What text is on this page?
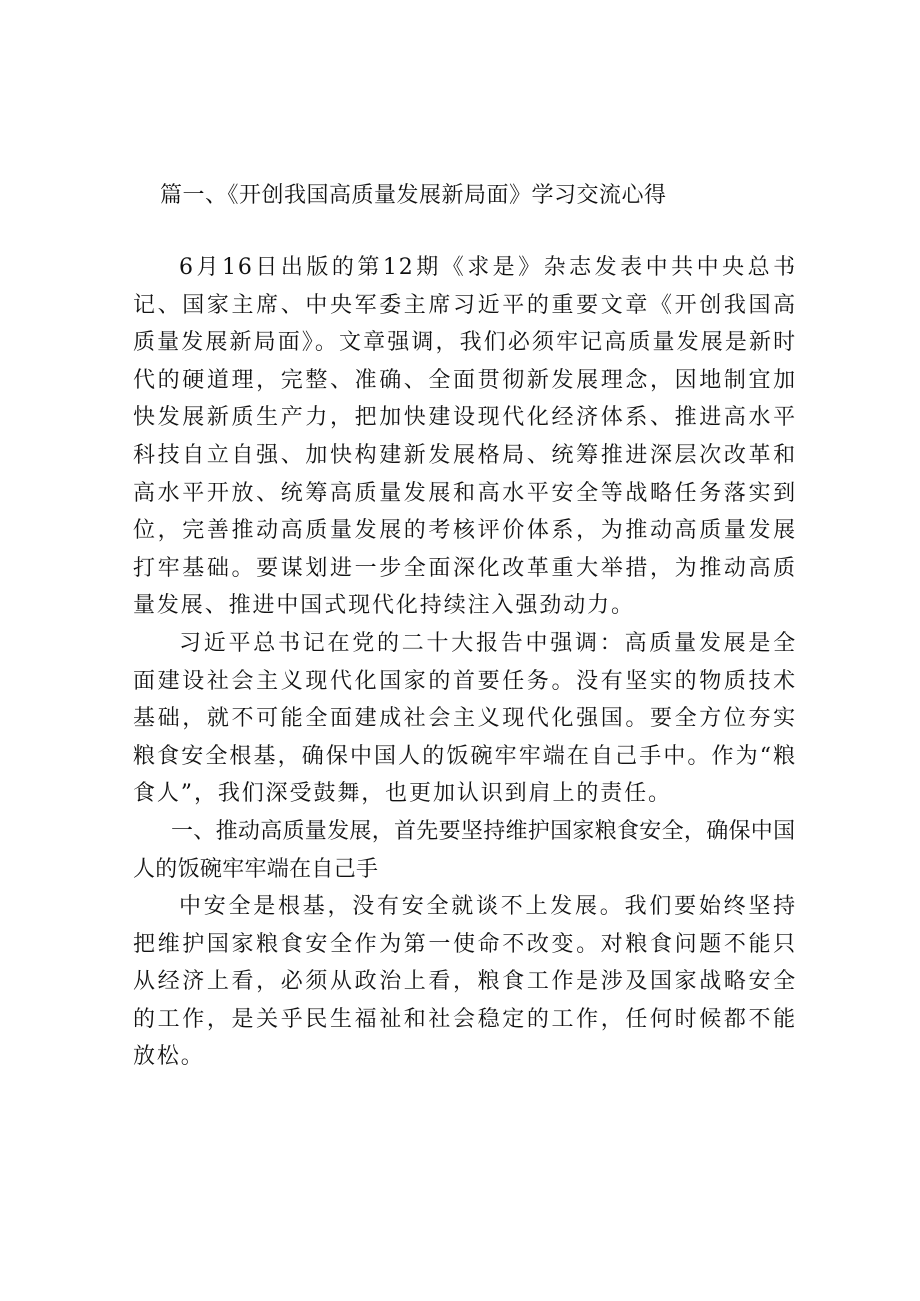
篇一、《开创我国高质量发展新局面》学习交流心得

6月16日出版的第12期《求是》杂志发表中共中央总书记、国家主席、中央军委主席习近平的重要文章《开创我国高质量发展新局面》。文章强调，我们必须牢记高质量发展是新时代的硬道理，完整、准确、全面贯彻新发展理念，因地制宜加快发展新质生产力，把加快建设现代化经济体系、推进高水平科技自立自强、加快构建新发展格局、统筹推进深层次改革和高水平开放、统筹高质量发展和高水平安全等战略任务落实到位，完善推动高质量发展的考核评价体系，为推动高质量发展打牢基础。要谋划进一步全面深化改革重大举措，为推动高质量发展、推进中国式现代化持续注入强劲动力。

习近平总书记在党的二十大报告中强调：高质量发展是全面建设社会主义现代化国家的首要任务。没有坚实的物质技术基础，就不可能全面建成社会主义现代化强国。要全方位夯实粮食安全根基，确保中国人的饭碗牢牢端在自己手中。作为“粮食人”，我们深受鼓舞，也更加认识到肩上的责任。

一、推动高质量发展，首先要坚持维护国家粮食安全，确保中国人的饭碗牢牢端在自己手

中安全是根基，没有安全就谈不上发展。我们要始终坚持把维护国家粮食安全作为第一使命不改变。对粮食问题不能只从经济上看，必须从政治上看，粮食工作是涉及国家战略安全的工作，是关乎民生福祉和社会稳定的工作，任何时候都不能放松。
